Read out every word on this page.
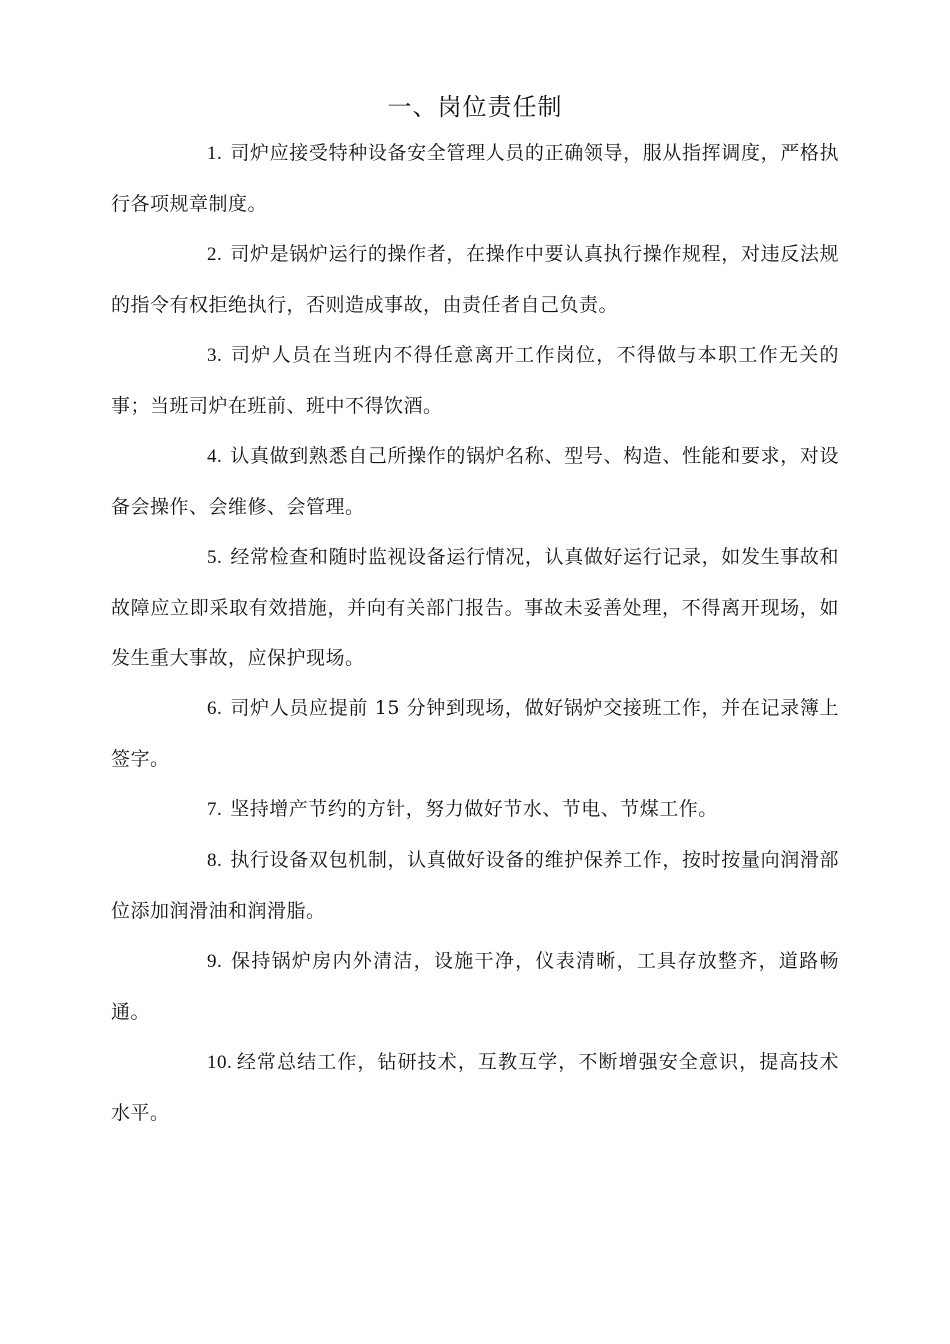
一、岗位责任制

1. 司炉应接受特种设备安全管理人员的正确领导，服从指挥调度，严格执行各项规章制度。

2. 司炉是锅炉运行的操作者，在操作中要认真执行操作规程，对违反法规的指令有权拒绝执行，否则造成事故，由责任者自己负责。

3. 司炉人员在当班内不得任意离开工作岗位，不得做与本职工作无关的事；当班司炉在班前、班中不得饮酒。

4. 认真做到熟悉自己所操作的锅炉名称、型号、构造、性能和要求，对设备会操作、会维修、会管理。

5. 经常检查和随时监视设备运行情况，认真做好运行记录，如发生事故和故障应立即采取有效措施，并向有关部门报告。事故未妥善处理，不得离开现场，如发生重大事故，应保护现场。

6. 司炉人员应提前 15 分钟到现场，做好锅炉交接班工作，并在记录簿上签字。

7. 坚持增产节约的方针，努力做好节水、节电、节煤工作。

8. 执行设备双包机制，认真做好设备的维护保养工作，按时按量向润滑部位添加润滑油和润滑脂。

9. 保持锅炉房内外清洁，设施干净，仪表清晰，工具存放整齐，道路畅通。

10. 经常总结工作，钻研技术，互教互学，不断增强安全意识，提高技术水平。
